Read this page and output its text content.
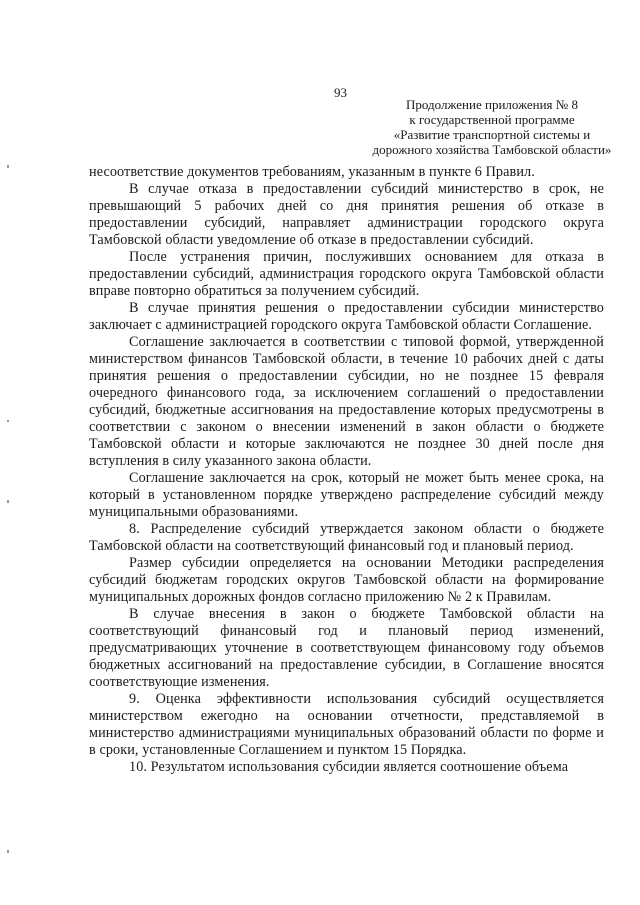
93
Продолжение приложения № 8
к государственной программе
«Развитие транспортной системы и
дорожного хозяйства Тамбовской области»

несоответствие документов требованиям, указанным в пункте 6 Правил.

В случае отказа в предоставлении субсидий министерство в срок, не превышающий 5 рабочих дней со дня принятия решения об отказе в предоставлении субсидий, направляет администрации городского округа Тамбовской области уведомление об отказе в предоставлении субсидий.

После устранения причин, послуживших основанием для отказа в предоставлении субсидий, администрация городского округа Тамбовской области вправе повторно обратиться за получением субсидий.

В случае принятия решения о предоставлении субсидии министерство заключает с администрацией городского округа Тамбовской области Соглашение.

Соглашение заключается в соответствии с типовой формой, утвержденной министерством финансов Тамбовской области, в течение 10 рабочих дней с даты принятия решения о предоставлении субсидии, но не позднее 15 февраля очередного финансового года, за исключением соглашений о предоставлении субсидий, бюджетные ассигнования на предоставление которых предусмотрены в соответствии с законом о внесении изменений в закон области о бюджете Тамбовской области и которые заключаются не позднее 30 дней после дня вступления в силу указанного закона области.

Соглашение заключается на срок, который не может быть менее срока, на который в установленном порядке утверждено распределение субсидий между муниципальными образованиями.

8. Распределение субсидий утверждается законом области о бюджете Тамбовской области на соответствующий финансовый год и плановый период.

Размер субсидии определяется на основании Методики распределения субсидий бюджетам городских округов Тамбовской области на формирование муниципальных дорожных фондов согласно приложению № 2 к Правилам.

В случае внесения в закон о бюджете Тамбовской области на соответствующий финансовый год и плановый период изменений, предусматривающих уточнение в соответствующем финансовому году объемов бюджетных ассигнований на предоставление субсидии, в Соглашение вносятся соответствующие изменения.

9. Оценка эффективности использования субсидий осуществляется министерством ежегодно на основании отчетности, представляемой в министерство администрациями муниципальных образований области по форме и в сроки, установленные Соглашением и пунктом 15 Порядка.

10. Результатом использования субсидии является соотношение объема
